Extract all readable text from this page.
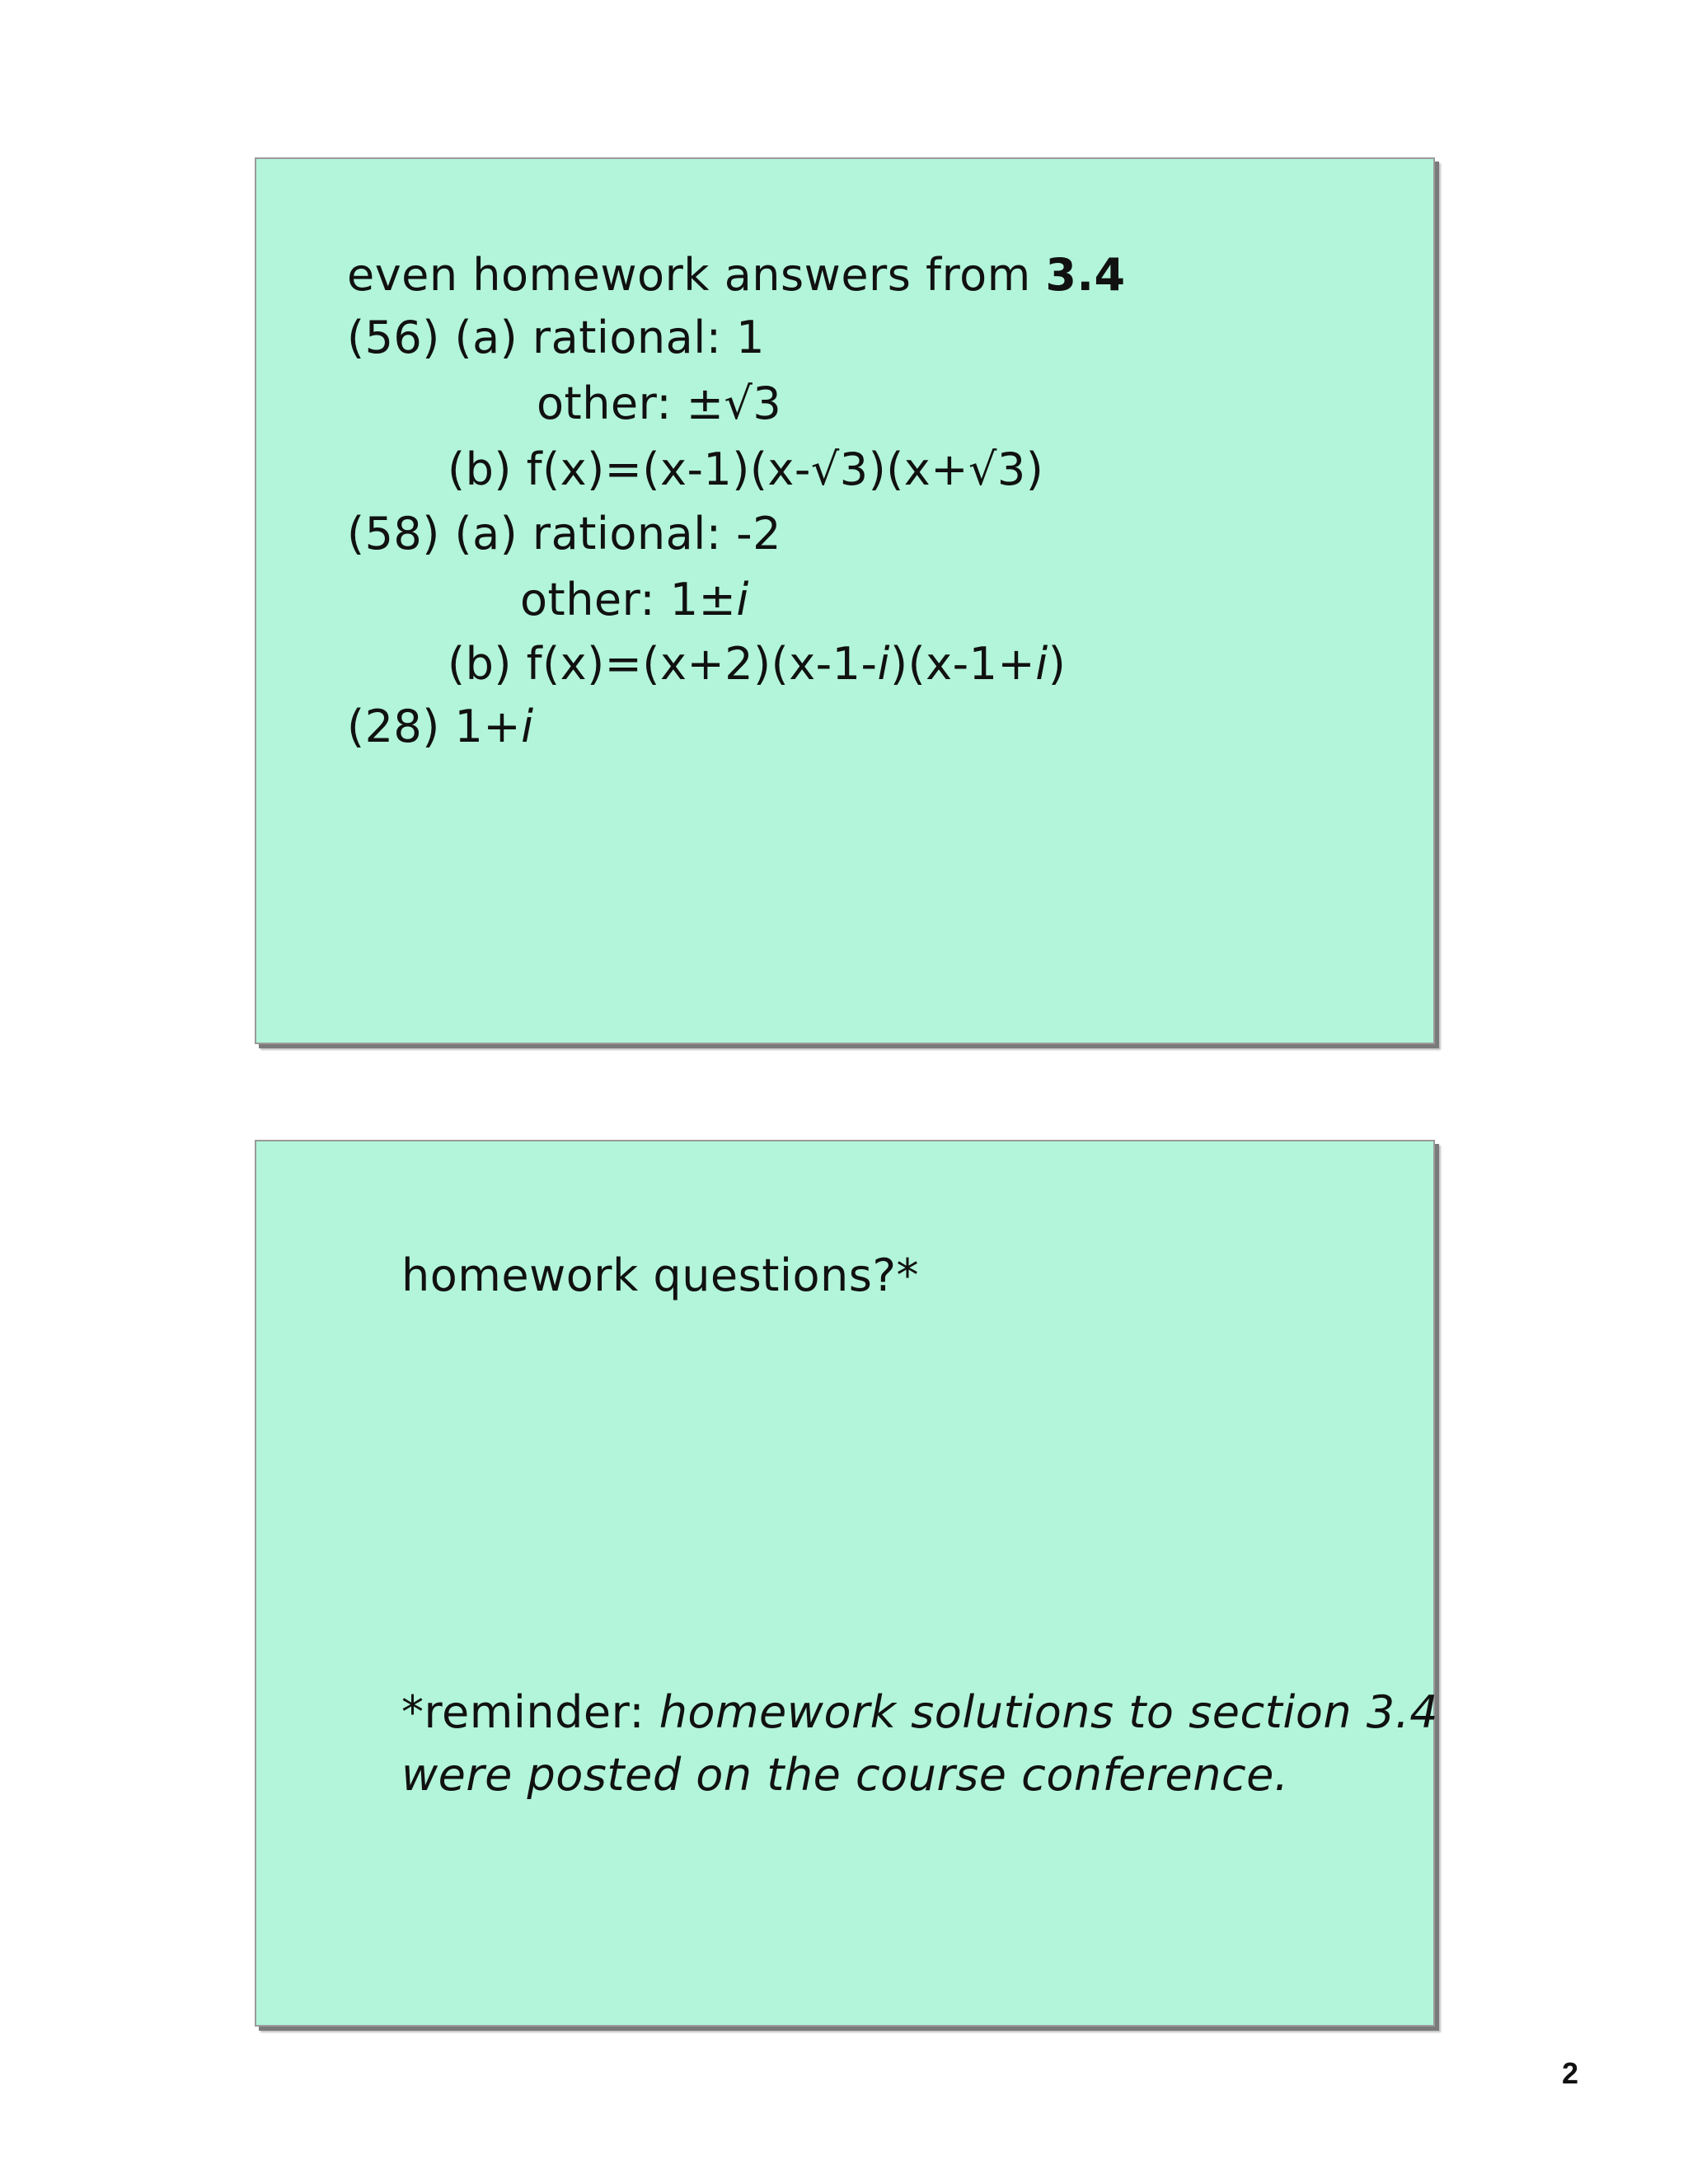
even homework answers from 3.4
(56) (a) rational: 1
other: ±√3
(b) f(x)=(x-1)(x-√3)(x+√3)
(58) (a) rational: -2
other: 1±i
(b) f(x)=(x+2)(x-1-i)(x-1+i)
(28) 1+i
homework questions?*
*reminder: homework solutions to section 3.4
were posted on the course conference.
2
